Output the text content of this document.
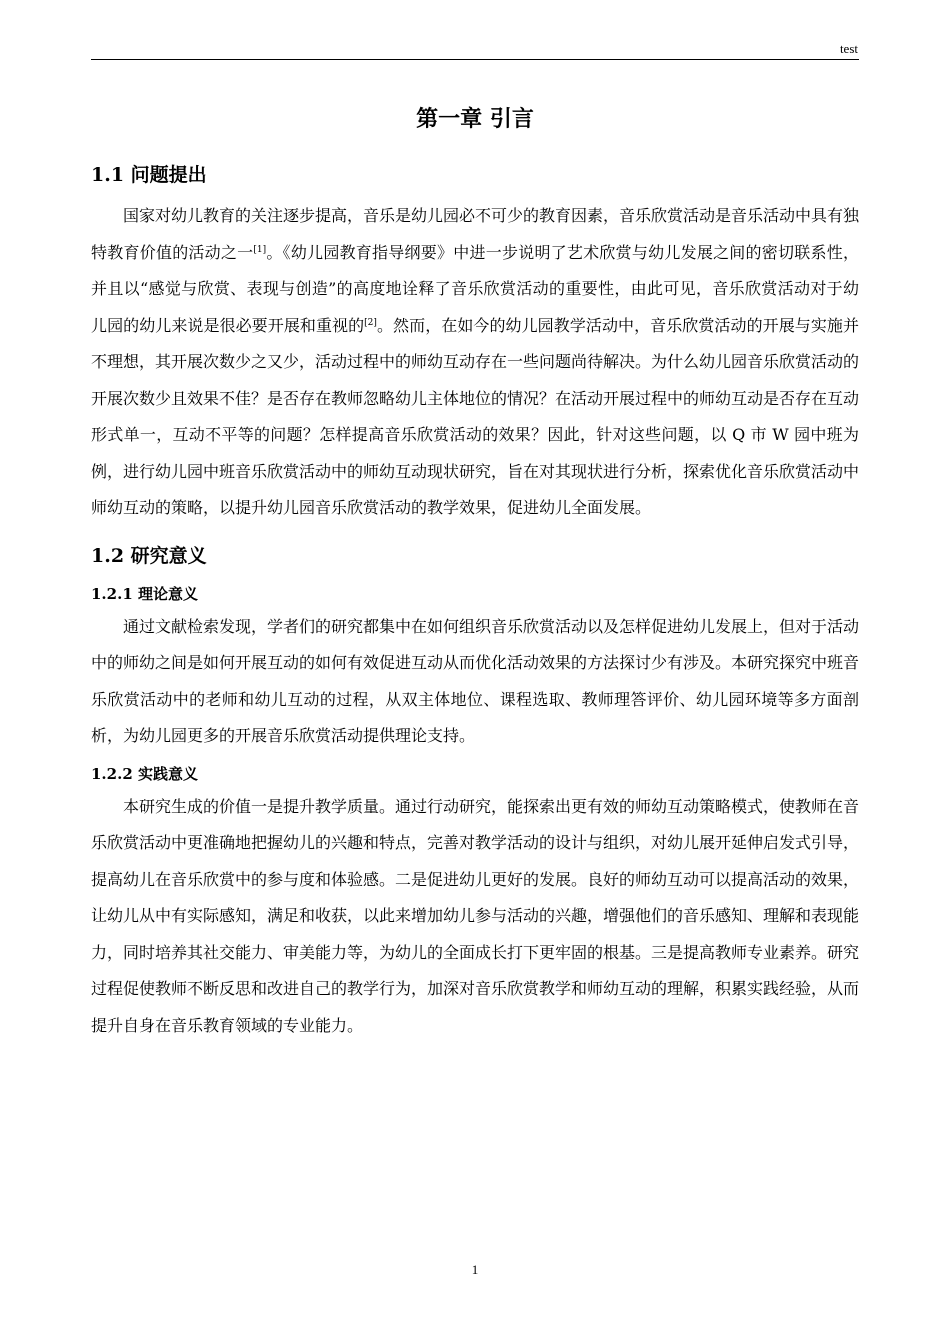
test
第一章 引言
1.1 问题提出

国家对幼儿教育的关注逐步提高，音乐是幼儿园必不可少的教育因素，音乐欣赏活动是音乐活动中具有独特教育价值的活动之一[1]。《幼儿园教育指导纲要》中进一步说明了艺术欣赏与幼儿发展之间的密切联系性，并且以“感觉与欣赏、表现与创造”的高度地诠释了音乐欣赏活动的重要性，由此可见，音乐欣赏活动对于幼儿园的幼儿来说是很必要开展和重视的[2]。然而，在如今的幼儿园教学活动中，音乐欣赏活动的开展与实施并不理想，其开展次数少之又少，活动过程中的师幼互动存在一些问题尚待解决。为什么幼儿园音乐欣赏活动的开展次数少且效果不佳？是否存在教师忽略幼儿主体地位的情况？在活动开展过程中的师幼互动是否存在互动形式单一，互动不平等的问题？怎样提高音乐欣赏活动的效果？因此，针对这些问题，以 Q 市 W 园中班为例，进行幼儿园中班音乐欣赏活动中的师幼互动现状研究，旨在对其现状进行分析，探索优化音乐欣赏活动中师幼互动的策略，以提升幼儿园音乐欣赏活动的教学效果，促进幼儿全面发展。

1.2 研究意义
1.2.1 理论意义

通过文献检索发现，学者们的研究都集中在如何组织音乐欣赏活动以及怎样促进幼儿发展上，但对于活动中的师幼之间是如何开展互动的如何有效促进互动从而优化活动效果的方法探讨少有涉及。本研究探究中班音乐欣赏活动中的老师和幼儿互动的过程，从双主体地位、课程选取、教师理答评价、幼儿园环境等多方面剖析，为幼儿园更多的开展音乐欣赏活动提供理论支持。

1.2.2 实践意义

本研究生成的价值一是提升教学质量。通过行动研究，能探索出更有效的师幼互动策略模式，使教师在音乐欣赏活动中更准确地把握幼儿的兴趣和特点，完善对教学活动的设计与组织，对幼儿展开延伸启发式引导，提高幼儿在音乐欣赏中的参与度和体验感。二是促进幼儿更好的发展。良好的师幼互动可以提高活动的效果，让幼儿从中有实际感知，满足和收获，以此来增加幼儿参与活动的兴趣，增强他们的音乐感知、理解和表现能力，同时培养其社交能力、审美能力等，为幼儿的全面成长打下更牢固的根基。三是提高教师专业素养。研究过程促使教师不断反思和改进自己的教学行为，加深对音乐欣赏教学和师幼互动的理解，积累实践经验，从而提升自身在音乐教育领域的专业能力。

1
